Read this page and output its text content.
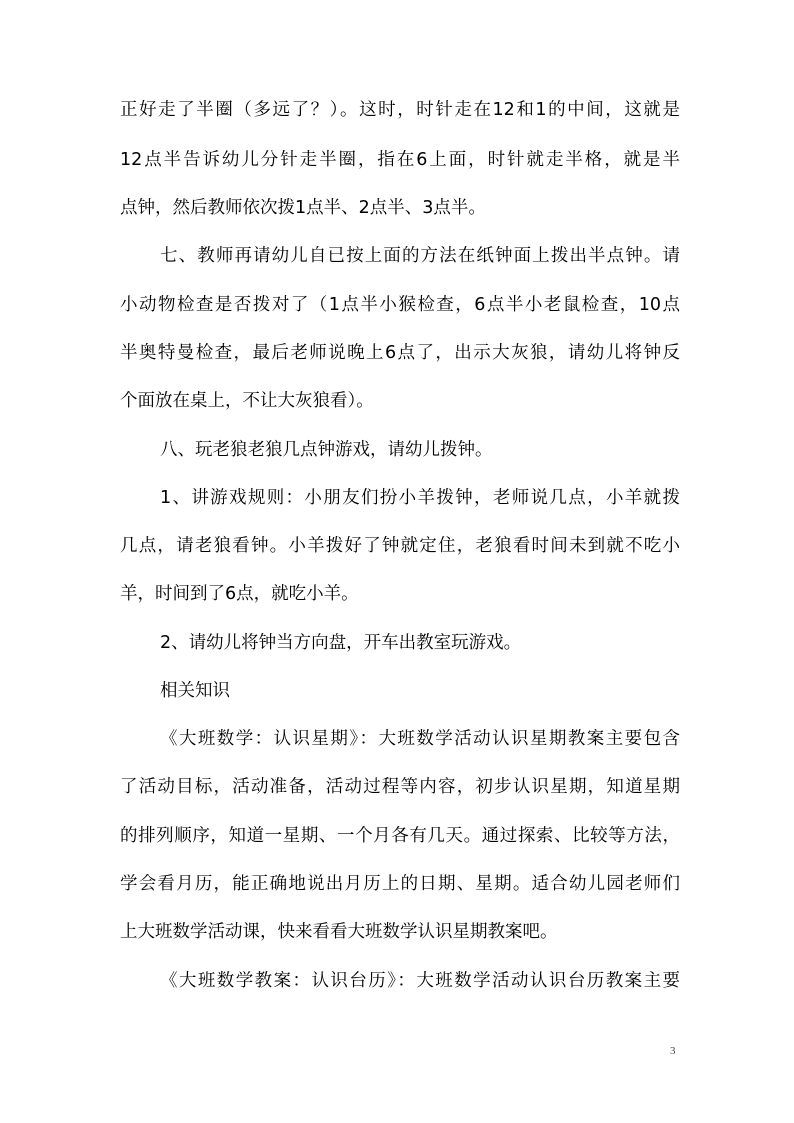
正好走了半圈（多远了？）。这时，时针走在12和1的中间，这就是
12点半告诉幼儿分针走半圈，指在6上面，时针就走半格，就是半
点钟，然后教师依次拨1点半、2点半、3点半。
七、教师再请幼儿自已按上面的方法在纸钟面上拨出半点钟。请
小动物检查是否拨对了（1点半小猴检查，6点半小老鼠检查，10点
半奥特曼检查，最后老师说晚上6点了，出示大灰狼，请幼儿将钟反
个面放在桌上，不让大灰狼看）。
八、玩老狼老狼几点钟游戏，请幼儿拨钟。
1、讲游戏规则：小朋友们扮小羊拨钟，老师说几点，小羊就拨
几点，请老狼看钟。小羊拨好了钟就定住，老狼看时间未到就不吃小
羊，时间到了6点，就吃小羊。
2、请幼儿将钟当方向盘，开车出教室玩游戏。
相关知识
《大班数学：认识星期》：大班数学活动认识星期教案主要包含
了活动目标，活动准备，活动过程等内容，初步认识星期，知道星期
的排列顺序，知道一星期、一个月各有几天。通过探索、比较等方法，
学会看月历，能正确地说出月历上的日期、星期。适合幼儿园老师们
上大班数学活动课，快来看看大班数学认识星期教案吧。
《大班数学教案：认识台历》：大班数学活动认识台历教案主要
3
